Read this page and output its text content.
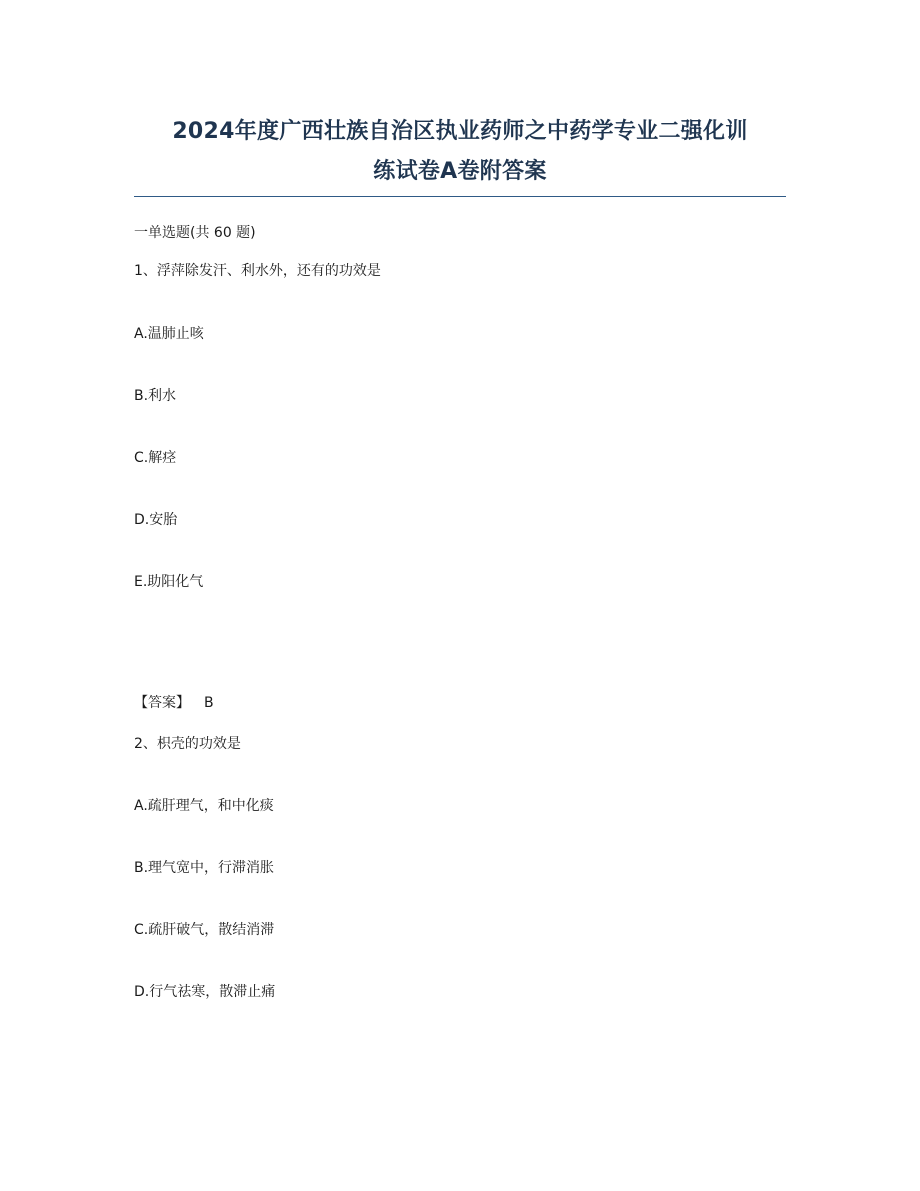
2024年度广西壮族自治区执业药师之中药学专业二强化训
练试卷A卷附答案
一单选题(共 60 题)
1、浮萍除发汗、利水外，还有的功效是
A.温肺止咳
B.利水
C.解痉
D.安胎
E.助阳化气
【答案】 B
2、枳壳的功效是
A.疏肝理气，和中化痰
B.理气宽中，行滞消胀
C.疏肝破气，散结消滞
D.行气祛寒，散滞止痛
